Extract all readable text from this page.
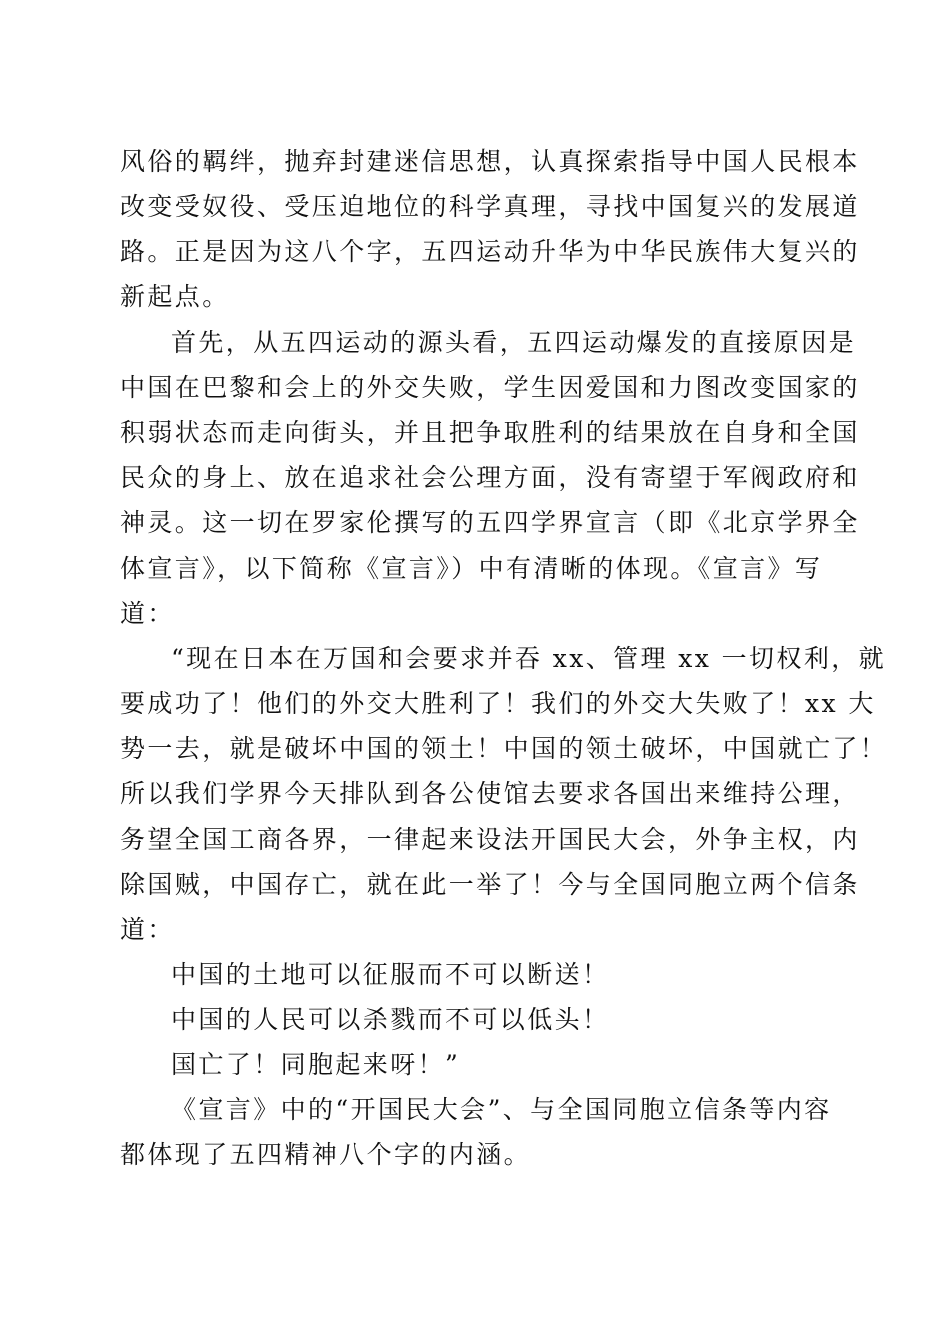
风俗的羁绊，抛弃封建迷信思想，认真探索指导中国人民根本
改变受奴役、受压迫地位的科学真理，寻找中国复兴的发展道
路。正是因为这八个字，五四运动升华为中华民族伟大复兴的
新起点。
首先，从五四运动的源头看，五四运动爆发的直接原因是
中国在巴黎和会上的外交失败，学生因爱国和力图改变国家的
积弱状态而走向街头，并且把争取胜利的结果放在自身和全国
民众的身上、放在追求社会公理方面，没有寄望于军阀政府和
神灵。这一切在罗家伦撰写的五四学界宣言（即《北京学界全
体宣言》，以下简称《宣言》）中有清晰的体现。《宣言》写
道：
“现在日本在万国和会要求并吞 xx、管理 xx 一切权利，就
要成功了！他们的外交大胜利了！我们的外交大失败了！xx 大
势一去，就是破坏中国的领土！中国的领土破坏，中国就亡了！
所以我们学界今天排队到各公使馆去要求各国出来维持公理，
务望全国工商各界，一律起来设法开国民大会，外争主权，内
除国贼，中国存亡，就在此一举了！今与全国同胞立两个信条
道：
中国的土地可以征服而不可以断送！
中国的人民可以杀戮而不可以低头！
国亡了！同胞起来呀！”
《宣言》中的“开国民大会”、与全国同胞立信条等内容
都体现了五四精神八个字的内涵。
